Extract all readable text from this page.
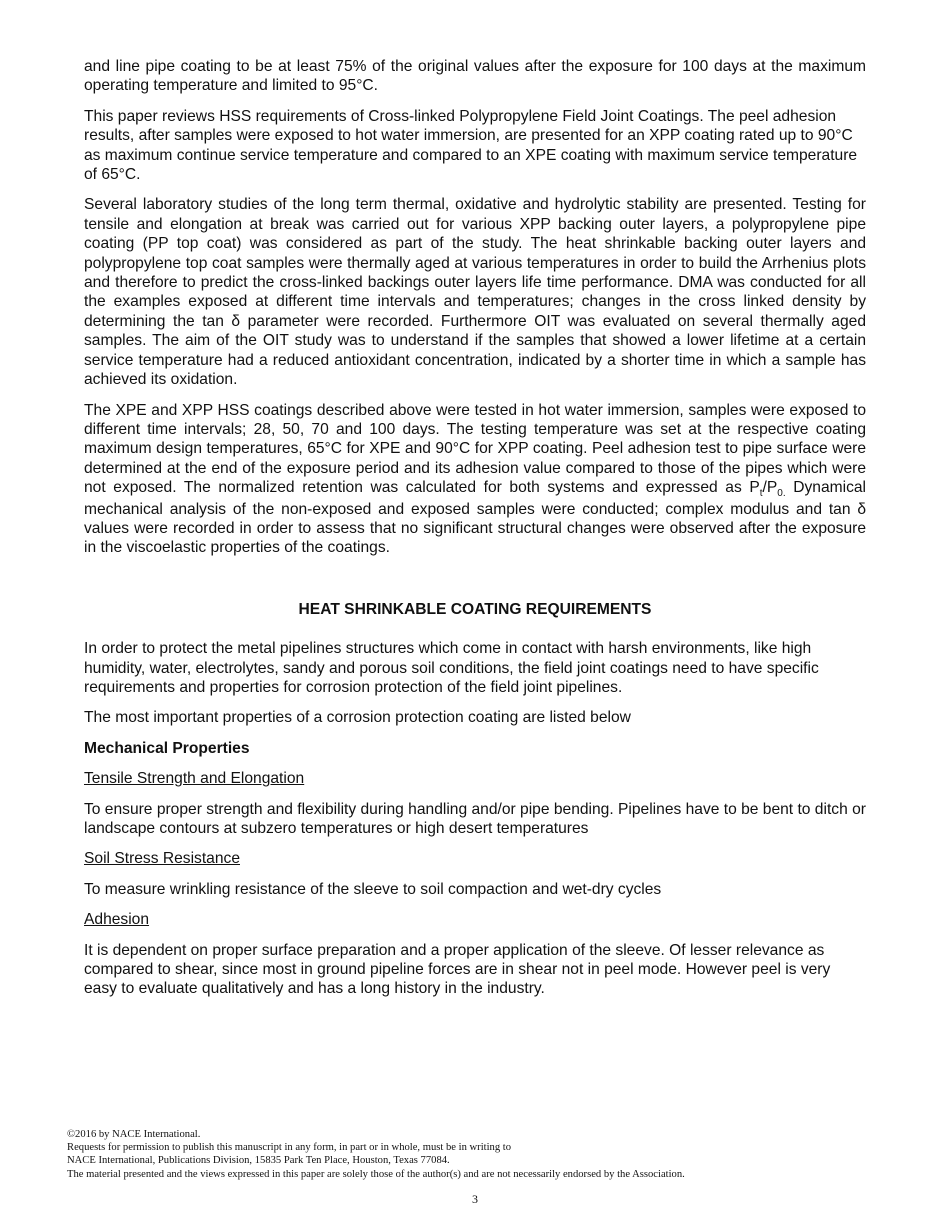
and line pipe coating to be at least 75% of the original values after the exposure for 100 days at the maximum operating temperature and limited to 95°C.

This paper reviews HSS requirements of Cross-linked Polypropylene Field Joint Coatings. The peel adhesion results, after samples were exposed to hot water immersion, are presented for an XPP coating rated up to 90°C as maximum continue service temperature and compared to an XPE coating with maximum service temperature of 65°C.

Several laboratory studies of the long term thermal, oxidative and hydrolytic stability are presented. Testing for tensile and elongation at break was carried out for various XPP backing outer layers, a polypropylene pipe coating (PP top coat) was considered as part of the study. The heat shrinkable backing outer layers and polypropylene top coat samples were thermally aged at various temperatures in order to build the Arrhenius plots and therefore to predict the cross-linked backings outer layers life time performance. DMA was conducted for all the examples exposed at different time intervals and temperatures; changes in the cross linked density by determining the tan δ parameter were recorded. Furthermore OIT was evaluated on several thermally aged samples. The aim of the OIT study was to understand if the samples that showed a lower lifetime at a certain service temperature had a reduced antioxidant concentration, indicated by a shorter time in which a sample has achieved its oxidation.

The XPE and XPP HSS coatings described above were tested in hot water immersion, samples were exposed to different time intervals; 28, 50, 70 and 100 days. The testing temperature was set at the respective coating maximum design temperatures, 65°C for XPE and 90°C for XPP coating. Peel adhesion test to pipe surface were determined at the end of the exposure period and its adhesion value compared to those of the pipes which were not exposed. The normalized retention was calculated for both systems and expressed as $P_t/P_{0.}$ Dynamical mechanical analysis of the non-exposed and exposed samples were conducted; complex modulus and tan δ values were recorded in order to assess that no significant structural changes were observed after the exposure in the viscoelastic properties of the coatings.

HEAT SHRINKABLE COATING REQUIREMENTS

In order to protect the metal pipelines structures which come in contact with harsh environments, like high humidity, water, electrolytes, sandy and porous soil conditions, the field joint coatings need to have specific requirements and properties for corrosion protection of the field joint pipelines.

The most important properties of a corrosion protection coating are listed below

Mechanical Properties

Tensile Strength and Elongation

To ensure proper strength and flexibility during handling and/or pipe bending. Pipelines have to be bent to ditch or landscape contours at subzero temperatures or high desert temperatures

Soil Stress Resistance

To measure wrinkling resistance of the sleeve to soil compaction and wet-dry cycles

Adhesion

It is dependent on proper surface preparation and a proper application of the sleeve. Of lesser relevance as compared to shear, since most in ground pipeline forces are in shear not in peel mode. However peel is very easy to evaluate qualitatively and has a long history in the industry.

©2016 by NACE International.
Requests for permission to publish this manuscript in any form, in part or in whole, must be in writing to
NACE International, Publications Division, 15835 Park Ten Place, Houston, Texas 77084.
The material presented and the views expressed in this paper are solely those of the author(s) and are not necessarily endorsed by the Association.
3
